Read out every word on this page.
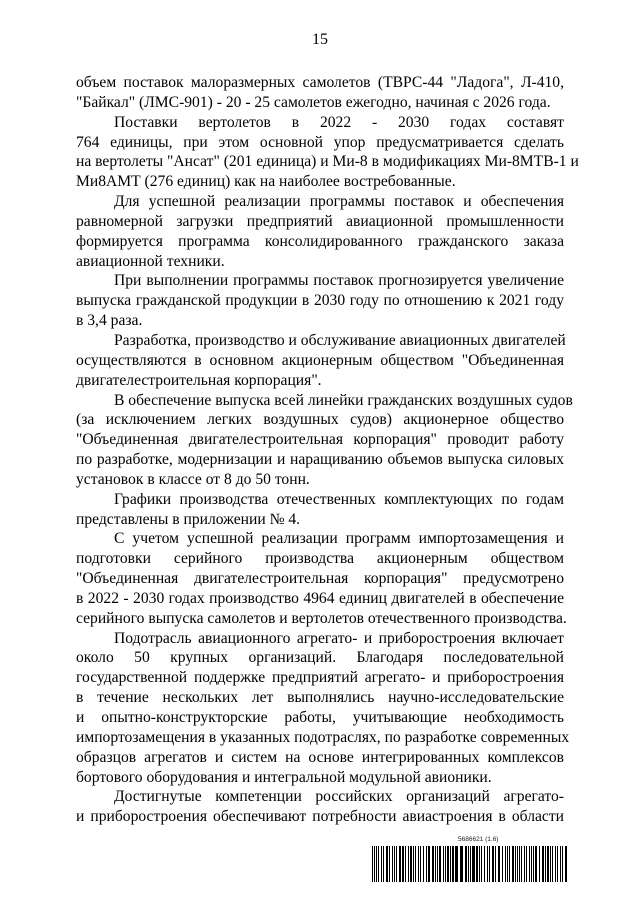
15
объем поставок малоразмерных самолетов (ТВРС-44 "Ладога", Л-410,
"Байкал" (ЛМС-901) - 20 - 25 самолетов ежегодно, начиная с 2026 года.
Поставки вертолетов в 2022 - 2030 годах составят
764 единицы, при этом основной упор предусматривается сделать
на вертолеты "Ансат" (201 единица) и Ми-8 в модификациях Ми-8МТВ-1 и
Ми8АМТ (276 единиц) как на наиболее востребованные.
Для успешной реализации программы поставок и обеспечения
равномерной загрузки предприятий авиационной промышленности
формируется программа консолидированного гражданского заказа
авиационной техники.
При выполнении программы поставок прогнозируется увеличение
выпуска гражданской продукции в 2030 году по отношению к 2021 году
в 3,4 раза.
Разработка, производство и обслуживание авиационных двигателей
осуществляются в основном акционерным обществом "Объединенная
двигателестроительная корпорация".
В обеспечение выпуска всей линейки гражданских воздушных судов
(за исключением легких воздушных судов) акционерное общество
"Объединенная двигателестроительная корпорация" проводит работу
по разработке, модернизации и наращиванию объемов выпуска силовых
установок в классе от 8 до 50 тонн.
Графики производства отечественных комплектующих по годам
представлены в приложении № 4.
С учетом успешной реализации программ импортозамещения и
подготовки серийного производства акционерным обществом
"Объединенная двигателестроительная корпорация" предусмотрено
в 2022 - 2030 годах производство 4964 единиц двигателей в обеспечение
серийного выпуска самолетов и вертолетов отечественного производства.
Подотрасль авиационного агрегато- и приборостроения включает
около 50 крупных организаций. Благодаря последовательной
государственной поддержке предприятий агрегато- и приборостроения
в течение нескольких лет выполнялись научно-исследовательские
и опытно-конструкторские работы, учитывающие необходимость
импортозамещения в указанных подотраслях, по разработке современных
образцов агрегатов и систем на основе интегрированных комплексов
бортового оборудования и интегральной модульной авионики.
Достигнутые компетенции российских организаций агрегато-
и приборостроения обеспечивают потребности авиастроения в области
5686621 (1.6)
